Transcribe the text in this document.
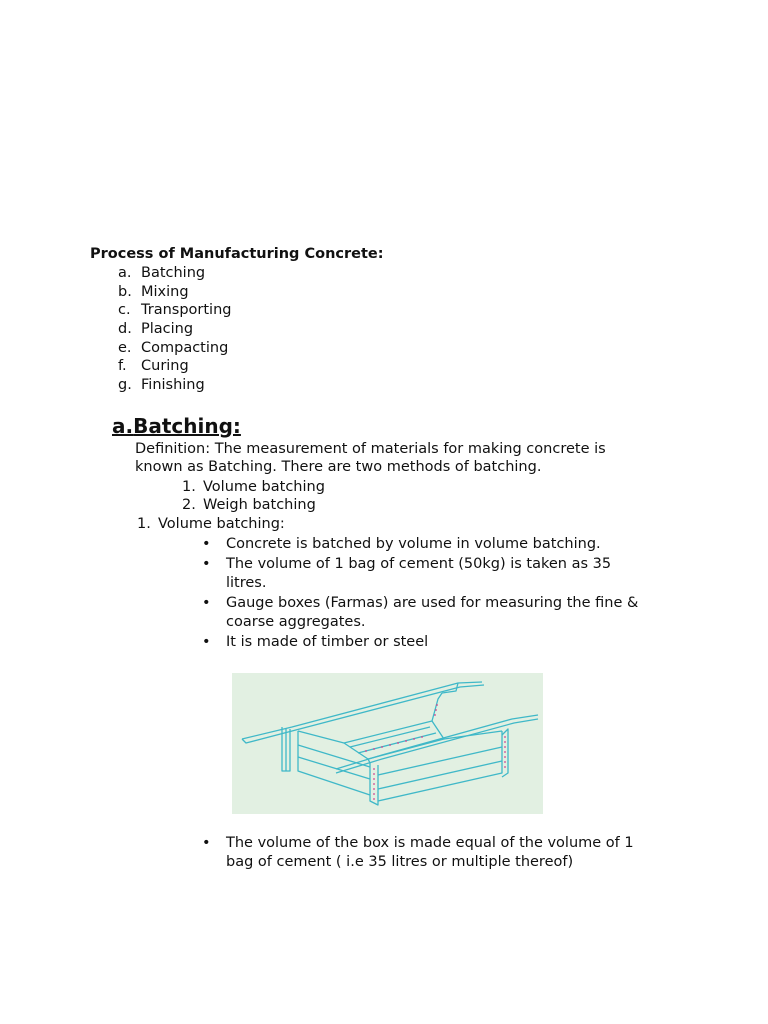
Process of Manufacturing Concrete:
a. Batching
b. Mixing
c. Transporting
d. Placing
e. Compacting
f. Curing
g. Finishing
a.Batching:
Definition: The measurement of materials for making concrete is
known as Batching. There are two methods of batching.
1. Volume batching
2. Weigh batching
1. Volume batching:
• Concrete is batched by volume in volume batching.
• The volume of 1 bag of cement (50kg) is taken as 35
litres.
• Gauge boxes (Farmas) are used for measuring the fine &
coarse aggregates.
• It is made of timber or steel
• The volume of the box is made equal of the volume of 1
bag of cement ( i.e 35 litres or multiple thereof)
